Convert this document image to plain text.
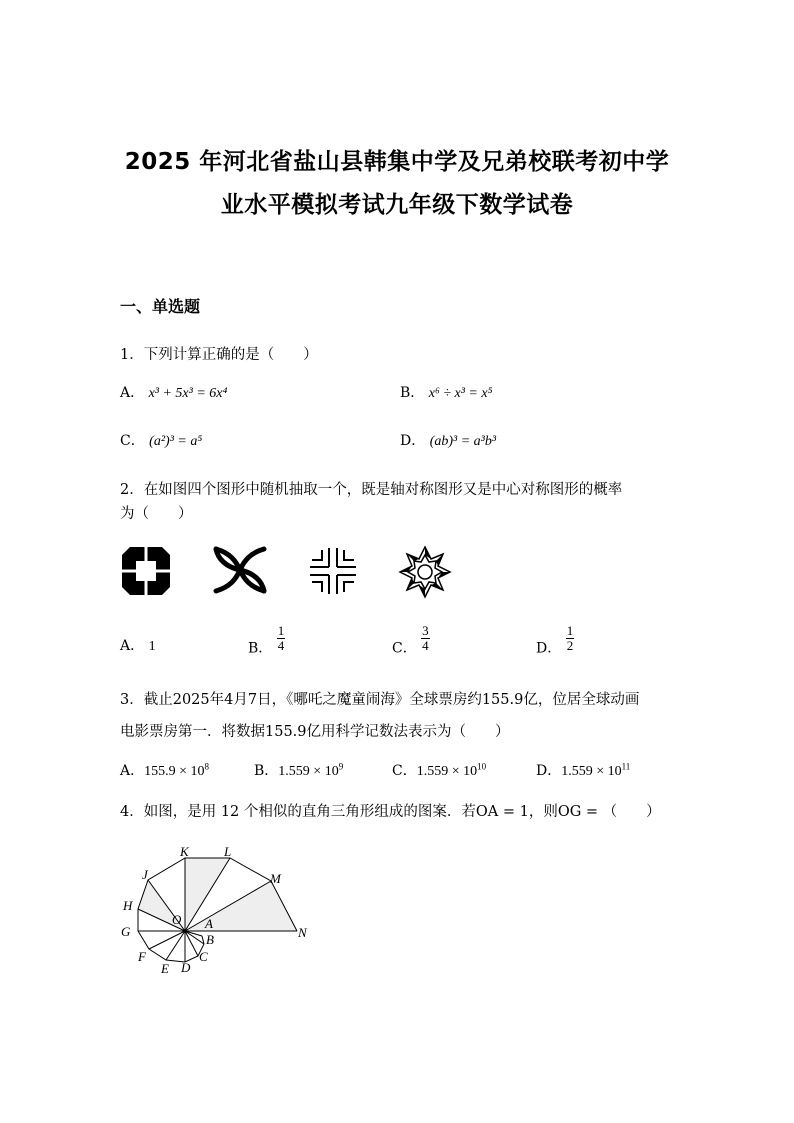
2025 年河北省盐山县韩集中学及兄弟校联考初中学
业水平模拟考试九年级下数学试卷
一、单选题
1．下列计算正确的是（　　）
A． x³ + 5x³ = 6x⁴	B． x⁶ ÷ x³ = x⁵
C． (a²)³ = a⁵	D． (ab)³ = a³b³
2．在如图四个图形中随机抽取一个，既是轴对称图形又是中心对称图形的概率
为（　　）
A． 1	B． $\frac{1}{4}$	C． $\frac{3}{4}$	D． $\frac{1}{2}$
3．截止2025年4月7日，《哪吒之魔童闹海》全球票房约155.9亿，位居全球动画
电影票房第一．将数据155.9亿用科学记数法表示为（　　）
A．$155.9 \times 10^8$	B．$1.559 \times 10^9$	C．$1.559 \times 10^{10}$	D．$1.559 \times 10^{11}$
4．如图，是用 12 个相似的直角三角形组成的图案．若OA = 1，则OG = （　　）
K	L
J	M
H
O A
G	N
B
F	C
E D
